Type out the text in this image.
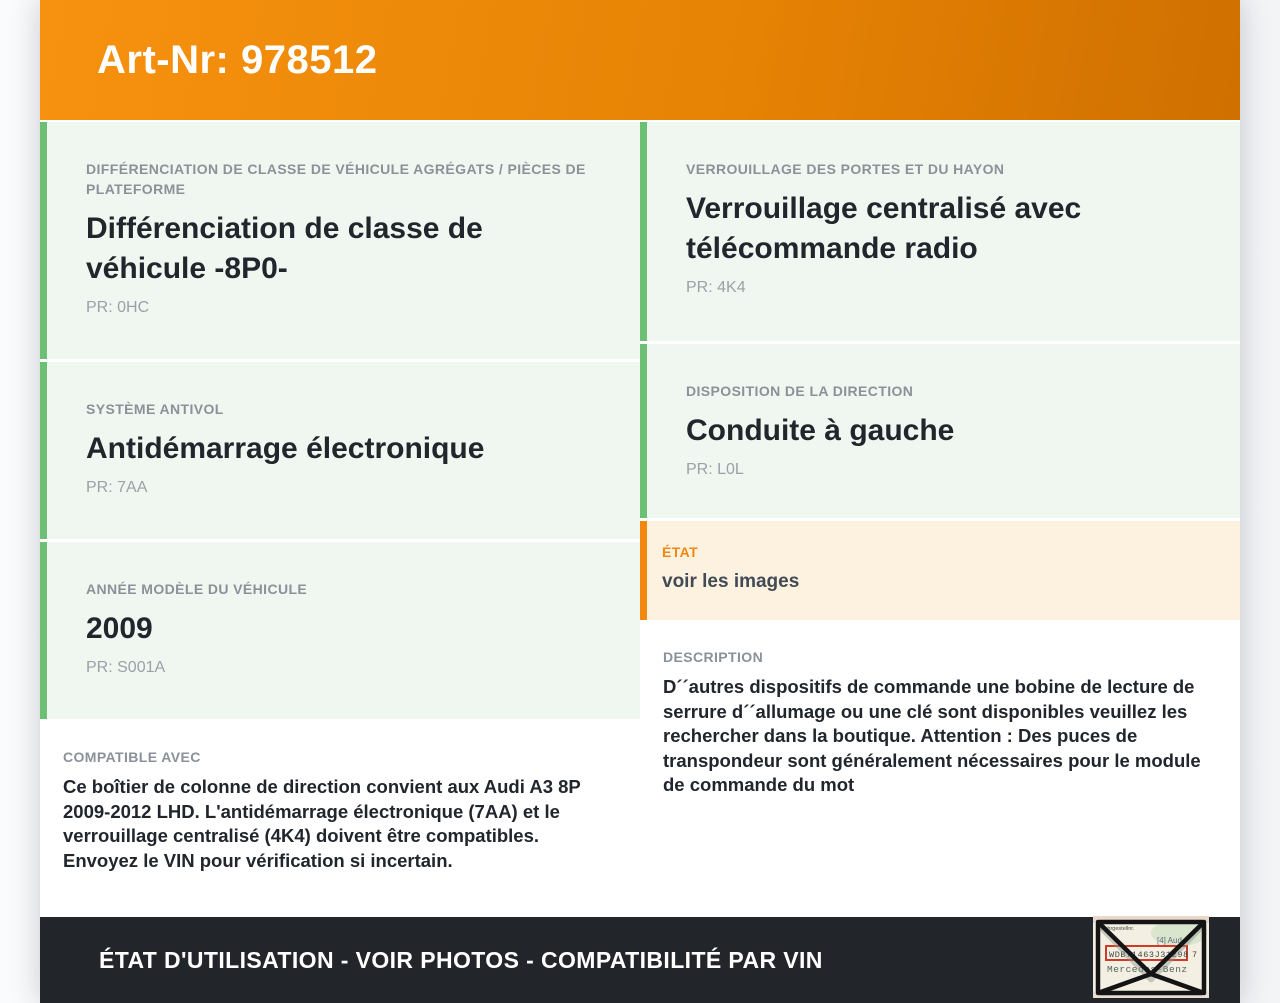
Art-Nr: 978512
DIFFÉRENCIATION DE CLASSE DE VÉHICULE AGRÉGATS / PIÈCES DE PLATEFORME
Différenciation de classe de véhicule -8P0-
PR: 0HC
SYSTÈME ANTIVOL
Antidémarrage électronique
PR: 7AA
ANNÉE MODÈLE DU VÉHICULE
2009
PR: S001A
COMPATIBLE AVEC

Ce boîtier de colonne de direction convient aux Audi A3 8P 2009-2012 LHD. L'antidémarrage électronique (7AA) et le verrouillage centralisé (4K4) doivent être compatibles. Envoyez le VIN pour vérification si incertain.

VERROUILLAGE DES PORTES ET DU HAYON
Verrouillage centralisé avec télécommande radio
PR: 4K4
DISPOSITION DE LA DIRECTION
Conduite à gauche
PR: L0L
ÉTAT
voir les images
DESCRIPTION

D´´autres dispositifs de commande une bobine de lecture de serrure d´´allumage ou une clé sont disponibles veuillez les rechercher dans la boutique. Attention : Des puces de transpondeur sont généralement nécessaires pour le module de commande du mot

ÉTAT D'UTILISATION - VOIR PHOTOS - COMPATIBILITÉ PAR VIN
Fahrgestellnr.
[4] Aud
WDB71463J31298 7
Mercedes-Benz
